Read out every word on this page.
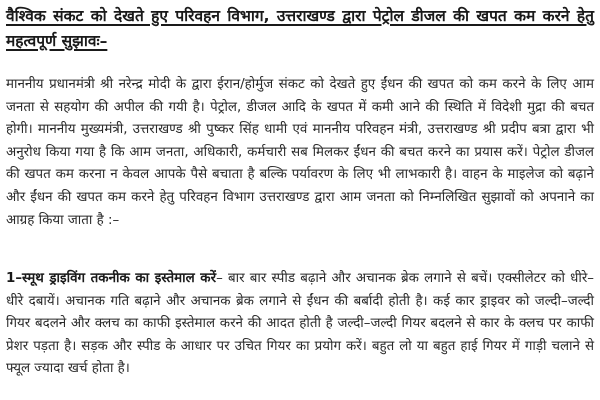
वैश्विक संकट को देखते हुए परिवहन विभाग, उत्तराखण्ड द्वारा पेट्रोल डीजल की खपत कम करने हेतु महत्वपूर्ण सुझावः–

माननीय प्रधानमंत्री श्री नरेन्द्र मोदी के द्वारा ईरान/होर्मुज संकट को देखते हुए ईंधन की खपत को कम करने के लिए आम जनता से सहयोग की अपील की गयी है। पेट्रोल, डीजल आदि के खपत में कमी आने की स्थिति में विदेशी मुद्रा की बचत होगी। माननीय मुख्यमंत्री, उत्तराखण्ड श्री पुष्कर सिंह धामी एवं माननीय परिवहन मंत्री, उत्तराखण्ड श्री प्रदीप बत्रा द्वारा भी अनुरोध किया गया है कि आम जनता, अधिकारी, कर्मचारी सब मिलकर ईंधन की बचत करने का प्रयास करें। पेट्रोल डीजल की खपत कम करना न केवल आपके पैसे बचाता है बल्कि पर्यावरण के लिए भी लाभकारी है। वाहन के माइलेज को बढ़ाने और ईंधन की खपत कम करने हेतु परिवहन विभाग उत्तराखण्ड द्वारा आम जनता को निम्नलिखित सुझावों को अपनाने का आग्रह किया जाता है :–

1–स्मूथ ड्राइविंग तकनीक का इस्तेमाल करें– बार बार स्पीड बढ़ाने और अचानक ब्रेक लगाने से बचें। एक्सीलेटर को धीरे–धीरे दबायें। अचानक गति बढ़ाने और अचानक ब्रेक लगाने से ईंधन की बर्बादी होती है। कई कार ड्राइवर को जल्दी–जल्दी गियर बदलने और क्लच का काफी इस्तेमाल करने की आदत होती है जल्दी–जल्दी गियर बदलने से कार के क्लच पर काफी प्रेशर पड़ता है। सड़क और स्पीड के आधार पर उचित गियर का प्रयोग करें। बहुत लो या बहुत हाई गियर में गाड़ी चलाने से फ्यूल ज्यादा खर्च होता है।
